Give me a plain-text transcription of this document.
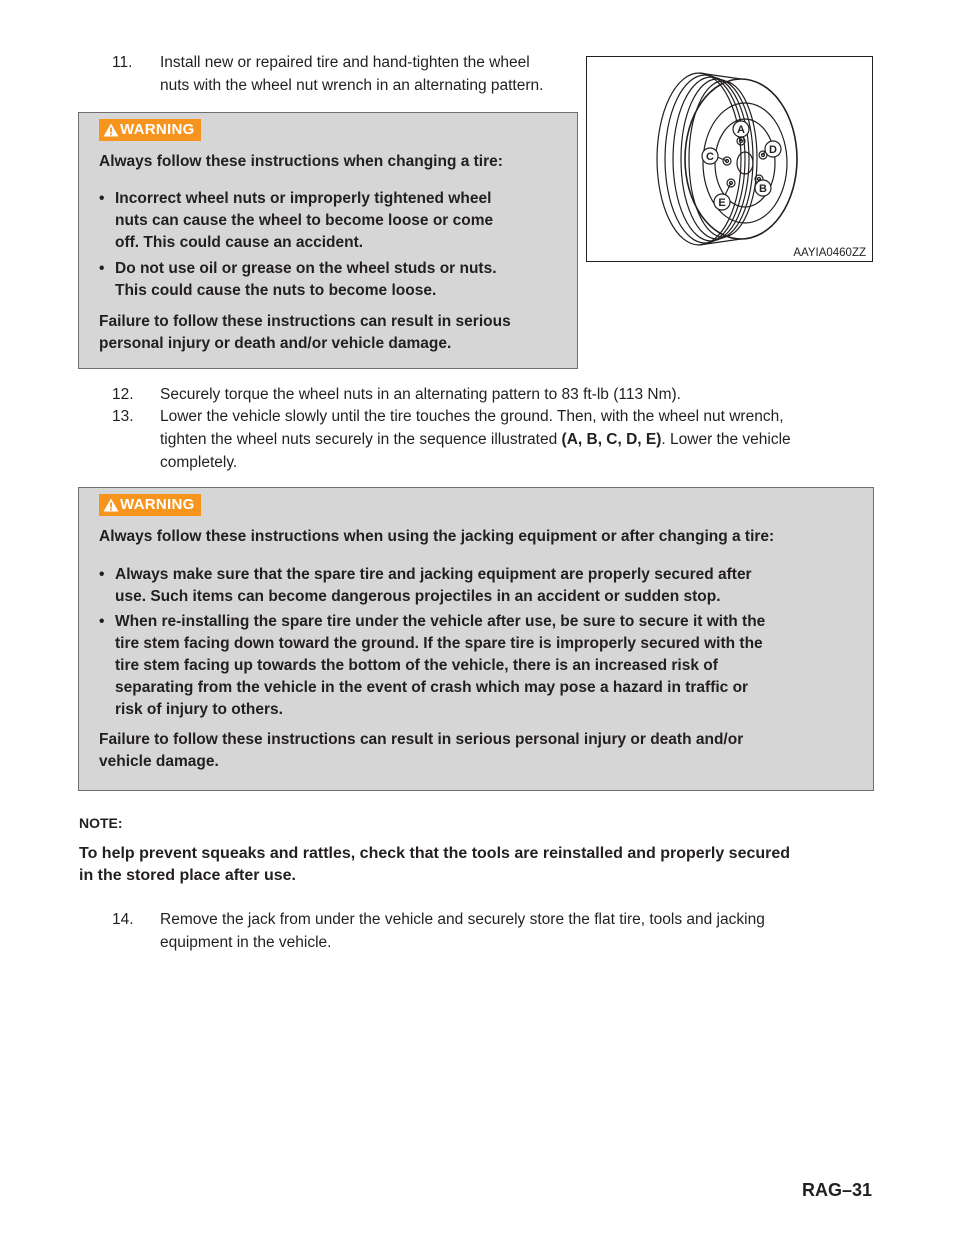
11. Install new or repaired tire and hand-tighten the wheel
nuts with the wheel nut wrench in an alternating pattern.
WARNING
Always follow these instructions when changing a tire:
• Incorrect wheel nuts or improperly tightened wheel
nuts can cause the wheel to become loose or come
off. This could cause an accident.
• Do not use oil or grease on the wheel studs or nuts.
This could cause the nuts to become loose.
Failure to follow these instructions can result in serious
personal injury or death and/or vehicle damage.
A
D
B
E
C
AAYIA0460ZZ
12. Securely torque the wheel nuts in an alternating pattern to 83 ft-lb (113 Nm).
13. Lower the vehicle slowly until the tire touches the ground. Then, with the wheel nut wrench,
tighten the wheel nuts securely in the sequence illustrated (A, B, C, D, E). Lower the vehicle
completely.
WARNING
Always follow these instructions when using the jacking equipment or after changing a tire:
• Always make sure that the spare tire and jacking equipment are properly secured after
use. Such items can become dangerous projectiles in an accident or sudden stop.
• When re-installing the spare tire under the vehicle after use, be sure to secure it with the
tire stem facing down toward the ground. If the spare tire is improperly secured with the
tire stem facing up towards the bottom of the vehicle, there is an increased risk of
separating from the vehicle in the event of crash which may pose a hazard in traffic or
risk of injury to others.
Failure to follow these instructions can result in serious personal injury or death and/or
vehicle damage.
NOTE:
To help prevent squeaks and rattles, check that the tools are reinstalled and properly secured
in the stored place after use.
14. Remove the jack from under the vehicle and securely store the flat tire, tools and jacking
equipment in the vehicle.
RAG–31
